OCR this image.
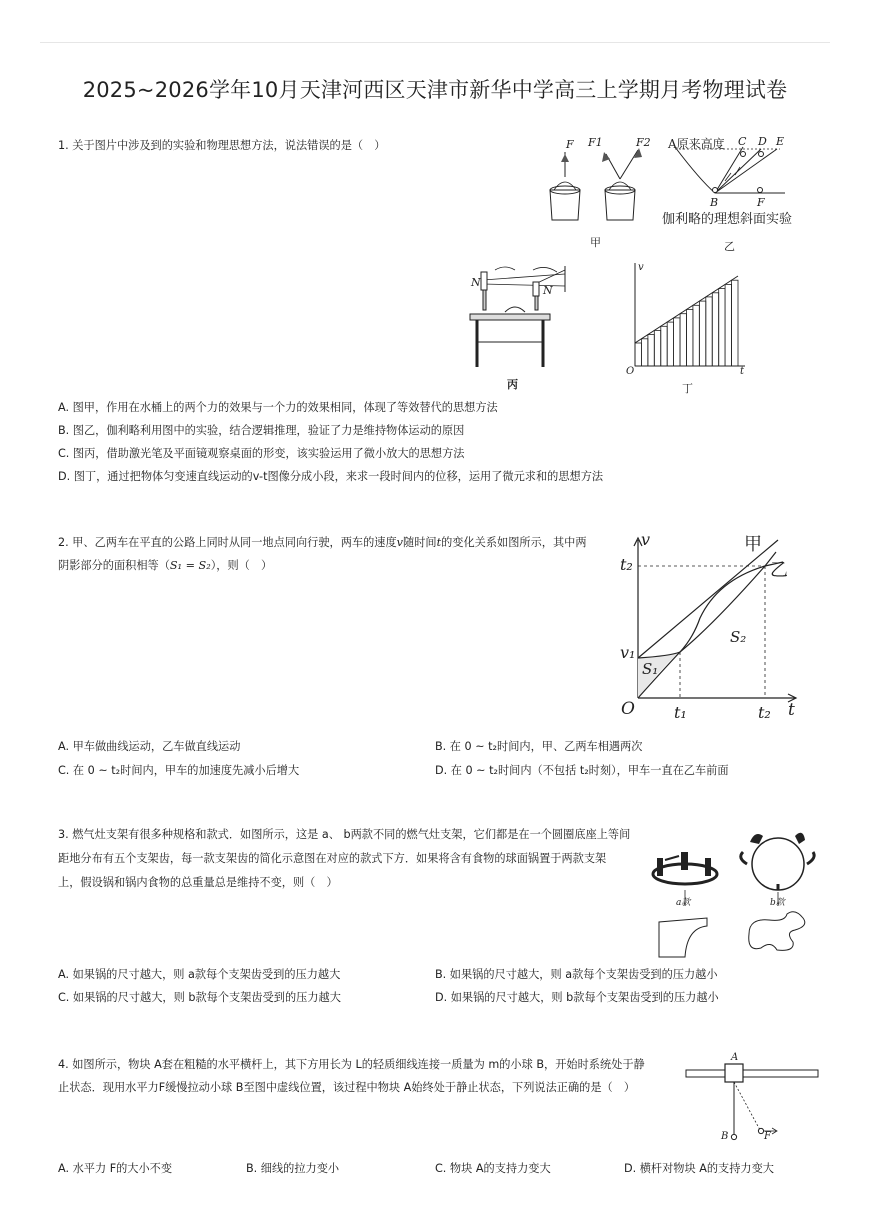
2025~2026学年10月天津河西区天津市新华中学高三上学期月考物理试卷
1. 关于图片中涉及到的实验和物理思想方法，说法错误的是（　）	F F1	F2
甲
A原来高度 C D E
B	F
伽利略的理想斜面实验
乙
N
N
丙
v
O	t
丁
A. 图甲，作用在水桶上的两个力的效果与一个力的效果相同，体现了等效替代的思想方法
B. 图乙，伽利略利用图中的实验，结合逻辑推理，验证了力是维持物体运动的原因
C. 图丙，借助激光笔及平面镜观察桌面的形变，该实验运用了微小放大的思想方法
D. 图丁，通过把物体匀变速直线运动的v-t图像分成小段，来求一段时间内的位移，运用了微元求和的思想方法
2. 甲、乙两车在平直的公路上同时从同一地点同向行驶，两车的速度v随时间t的变化关系如图所示，其中两
阴影部分的面积相等（S₁ = S₂），则（　）
v
t₂
v₁
S₁
S₂
甲
乙
O t₁	t₂ t
A. 甲车做曲线运动，乙车做直线运动	B. 在 0 ~ t₂时间内，甲、乙两车相遇两次
C. 在 0 ~ t₂时间内，甲车的加速度先减小后增大	D. 在 0 ~ t₂时间内（不包括 t₂时刻），甲车一直在乙车前面
3. 燃气灶支架有很多种规格和款式．如图所示，这是 a、 b两款不同的燃气灶支架，它们都是在一个圆圈底座上等间
距地分布有五个支架齿，每一款支架齿的简化示意图在对应的款式下方．如果将含有食物的球面锅置于两款支架
上，假设锅和锅内食物的总重量总是维持不变，则（　）
a款	b款
A. 如果锅的尺寸越大，则 a款每个支架齿受到的压力越大	B. 如果锅的尺寸越大，则 a款每个支架齿受到的压力越小
C. 如果锅的尺寸越大，则 b款每个支架齿受到的压力越大	D. 如果锅的尺寸越大，则 b款每个支架齿受到的压力越小
4. 如图所示，物块 A套在粗糙的水平横杆上，其下方用长为 L的轻质细线连接一质量为 m的小球 B，开始时系统处于静
止状态．现用水平力F缓慢拉动小球 B至图中虚线位置，该过程中物块 A始终处于静止状态，下列说法正确的是（　）
A
B	F
A. 水平力 F的大小不变	B. 细线的拉力变小	C. 物块 A的支持力变大	D. 横杆对物块 A的支持力变大
